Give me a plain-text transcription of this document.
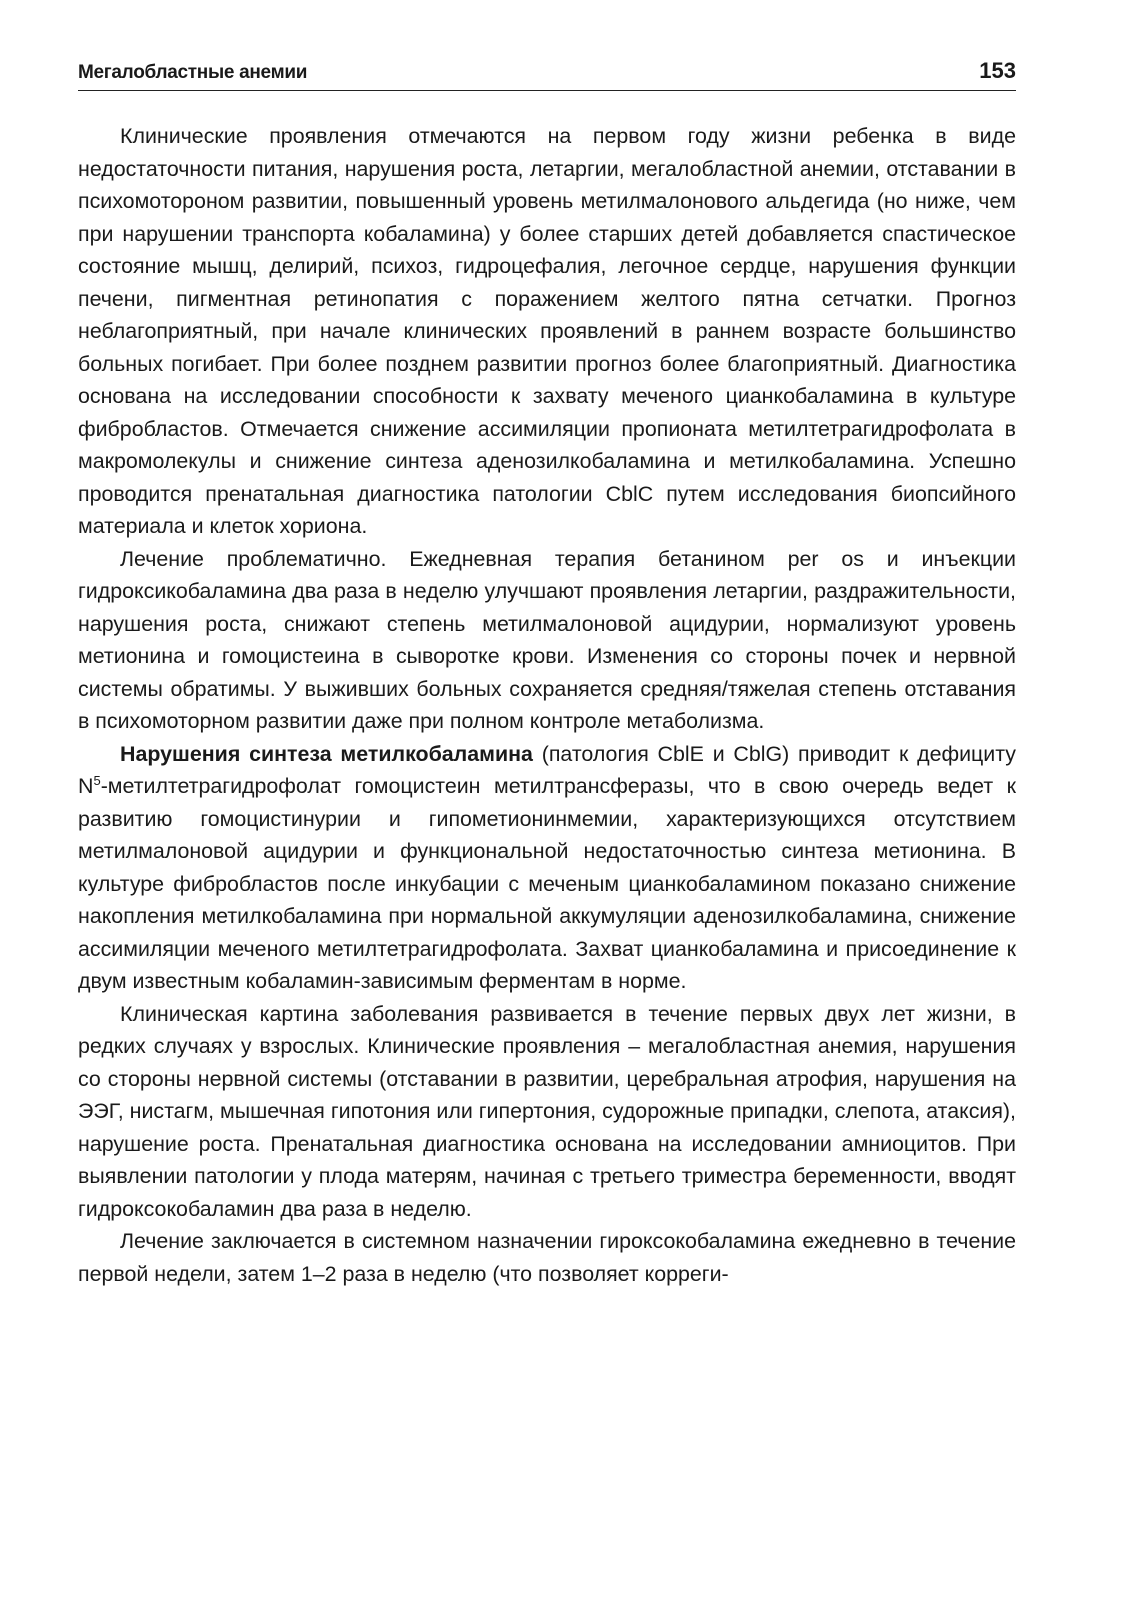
Мегалобластные анемии	153

Клинические проявления отмечаются на первом году жизни ребенка в виде недостаточности питания, нарушения роста, летаргии, мегалобластной анемии, отставании в психомотороном развитии, повышенный уровень метилмалонового альдегида (но ниже, чем при нарушении транспорта кобаламина) у более старших детей добавляется спастическое состояние мышц, делирий, психоз, гидроцефалия, легочное сердце, нарушения функции печени, пигментная ретинопатия с поражением желтого пятна сетчатки. Прогноз неблагоприятный, при начале клинических проявлений в раннем возрасте большинство больных погибает. При более позднем развитии прогноз более благоприятный. Диагностика основана на исследовании способности к захвату меченого цианкобаламина в культуре фибробластов. Отмечается снижение ассимиляции пропионата метилтетрагидрофолата в макромолекулы и снижение синтеза аденозилкобаламина и метилкобаламина. Успешно проводится пренатальная диагностика патологии CblC путем исследования биопсийного материала и клеток хориона.

Лечение проблематично. Ежедневная терапия бетанином per os и инъекции гидроксикобаламина два раза в неделю улучшают проявления летаргии, раздражительности, нарушения роста, снижают степень метилмалоновой ацидурии, нормализуют уровень метионина и гомоцистеина в сыворотке крови. Изменения со стороны почек и нервной системы обратимы. У выживших больных сохраняется средняя/тяжелая степень отставания в психомоторном развитии даже при полном контроле метаболизма.

Нарушения синтеза метилкобаламина (патология CblE и CblG) приводит к дефициту $N^5$-метилтетрагидрофолат гомоцистеин метилтрансферазы, что в свою очередь ведет к развитию гомоцистинурии и гипометионинмемии, характеризующихся отсутствием метилмалоновой ацидурии и функциональной недостаточностью синтеза метионина. В культуре фибробластов после инкубации с меченым цианкобаламином показано снижение накопления метилкобаламина при нормальной аккумуляции аденозилкобаламина, снижение ассимиляции меченого метилтетрагидрофолата. Захват цианкобаламина и присоединение к двум известным кобаламин-зависимым ферментам в норме.

Клиническая картина заболевания развивается в течение первых двух лет жизни, в редких случаях у взрослых. Клинические проявления – мегалобластная анемия, нарушения со стороны нервной системы (отставании в развитии, церебральная атрофия, нарушения на ЭЭГ, нистагм, мышечная гипотония или гипертония, судорожные припадки, слепота, атаксия), нарушение роста. Пренатальная диагностика основана на исследовании амниоцитов. При выявлении патологии у плода матерям, начиная с третьего триместра беременности, вводят гидроксокобаламин два раза в неделю.

Лечение заключается в системном назначении гироксокобаламина ежедневно в течение первой недели, затем 1–2 раза в неделю (что позволяет корреги-
